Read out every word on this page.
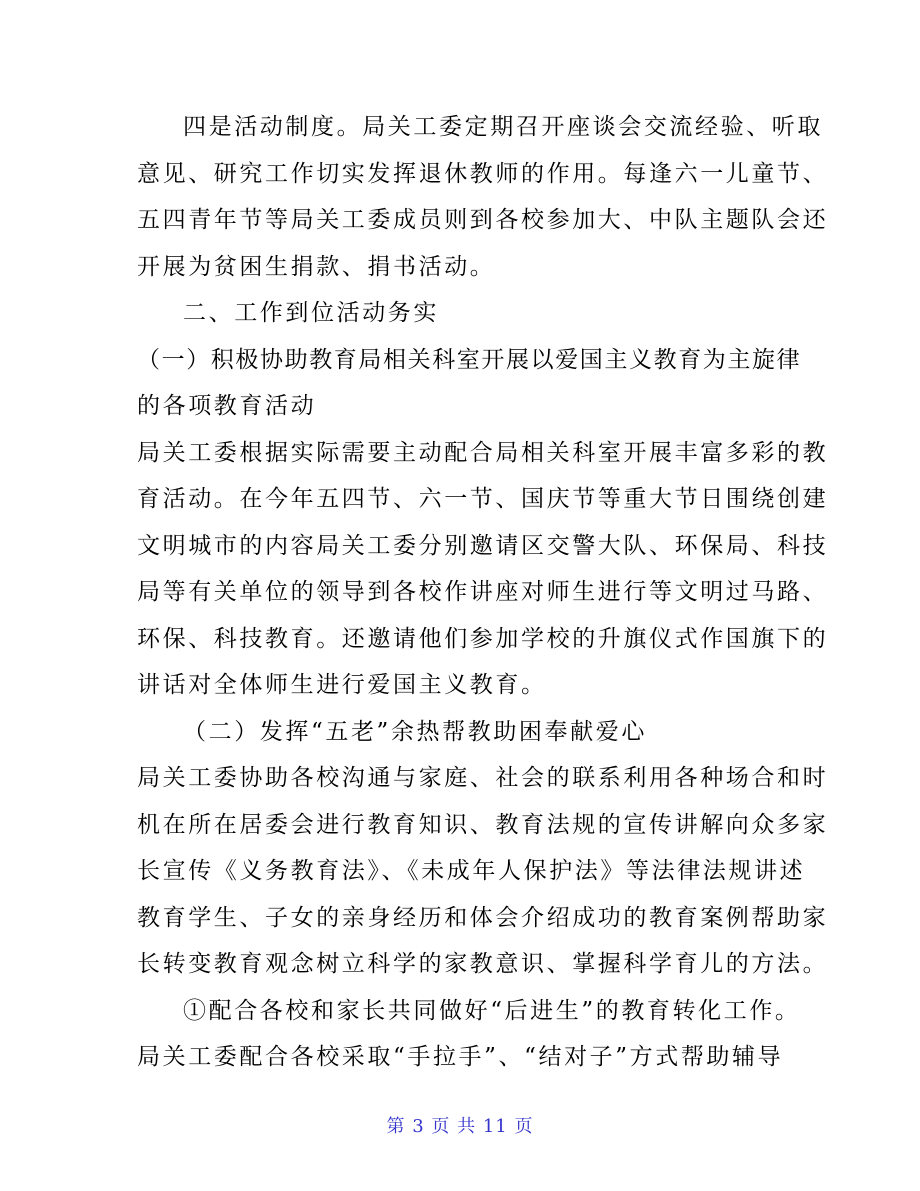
四是活动制度。局关工委定期召开座谈会交流经验、听取
意见、研究工作切实发挥退休教师的作用。每逢六一儿童节、
五四青年节等局关工委成员则到各校参加大、中队主题队会还
开展为贫困生捐款、捐书活动。
二、工作到位活动务实
（一）积极协助教育局相关科室开展以爱国主义教育为主旋律
的各项教育活动
局关工委根据实际需要主动配合局相关科室开展丰富多彩的教
育活动。在今年五四节、六一节、国庆节等重大节日围绕创建
文明城市的内容局关工委分别邀请区交警大队、环保局、科技
局等有关单位的领导到各校作讲座对师生进行等文明过马路、
环保、科技教育。还邀请他们参加学校的升旗仪式作国旗下的
讲话对全体师生进行爱国主义教育。
（二）发挥“五老”余热帮教助困奉献爱心
局关工委协助各校沟通与家庭、社会的联系利用各种场合和时
机在所在居委会进行教育知识、教育法规的宣传讲解向众多家
长宣传《义务教育法》、《未成年人保护法》等法律法规讲述
教育学生、子女的亲身经历和体会介绍成功的教育案例帮助家
长转变教育观念树立科学的家教意识、掌握科学育儿的方法。
①配合各校和家长共同做好“后进生”的教育转化工作。
局关工委配合各校采取“手拉手”、“结对子”方式帮助辅导
第 3 页 共 11 页
